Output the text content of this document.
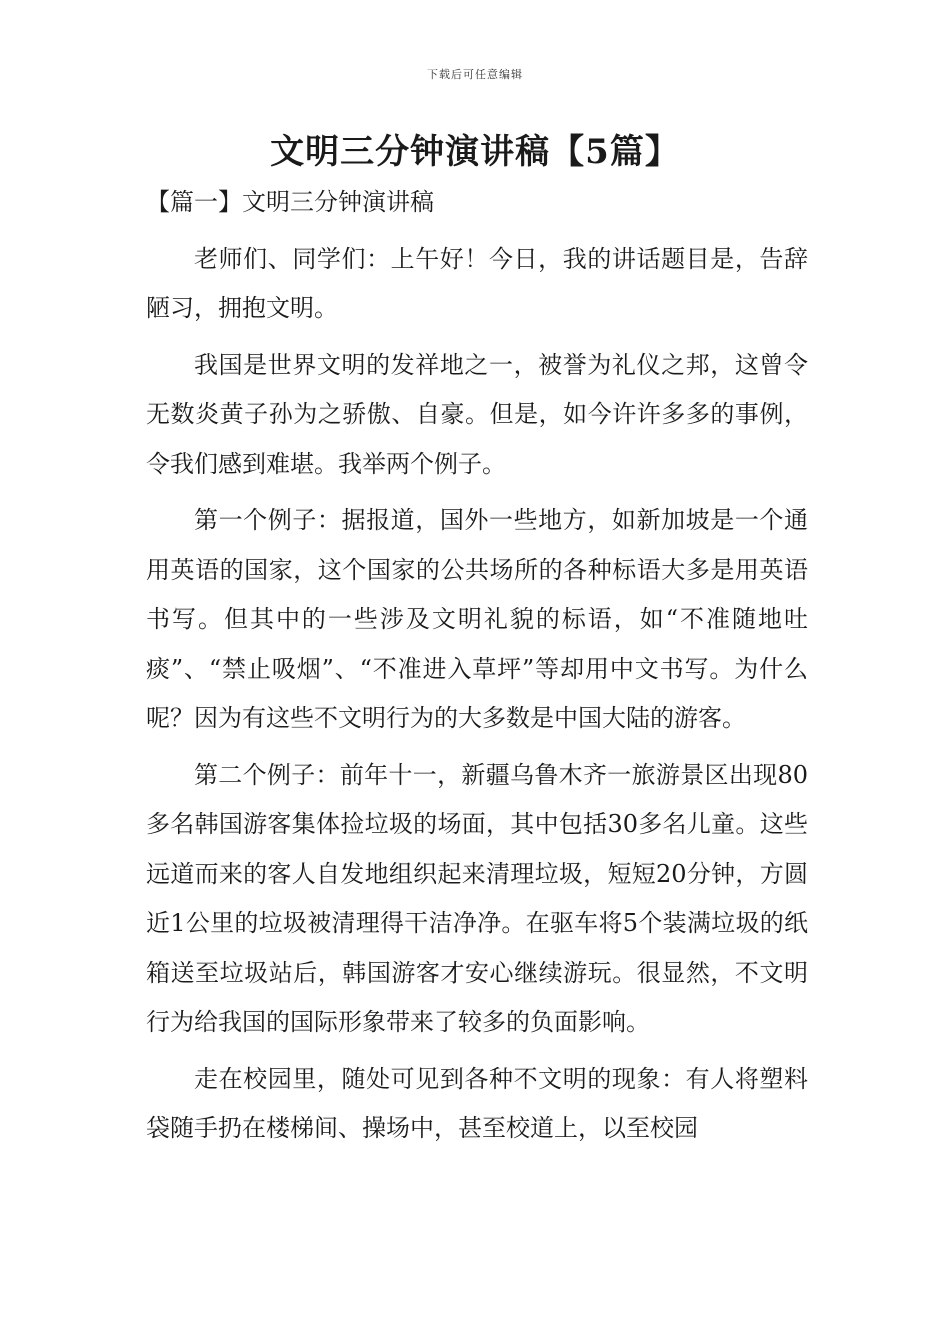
下载后可任意编辑
文明三分钟演讲稿【5篇】

【篇一】文明三分钟演讲稿

老师们、同学们：上午好！今日，我的讲话题目是，告辞陋习，拥抱文明。

我国是世界文明的发祥地之一，被誉为礼仪之邦，这曾令无数炎黄子孙为之骄傲、自豪。但是，如今许许多多的事例，令我们感到难堪。我举两个例子。

第一个例子：据报道，国外一些地方，如新加坡是一个通用英语的国家，这个国家的公共场所的各种标语大多是用英语书写。但其中的一些涉及文明礼貌的标语，如“不准随地吐痰”、“禁止吸烟”、“不准进入草坪”等却用中文书写。为什么呢？因为有这些不文明行为的大多数是中国大陆的游客。

第二个例子：前年十一，新疆乌鲁木齐一旅游景区出现80多名韩国游客集体捡垃圾的场面，其中包括30多名儿童。这些远道而来的客人自发地组织起来清理垃圾，短短20分钟，方圆近1公里的垃圾被清理得干洁净净。在驱车将5个装满垃圾的纸箱送至垃圾站后，韩国游客才安心继续游玩。很显然，不文明行为给我国的国际形象带来了较多的负面影响。

走在校园里，随处可见到各种不文明的现象：有人将塑料袋随手扔在楼梯间、操场中，甚至校道上，以至校园
